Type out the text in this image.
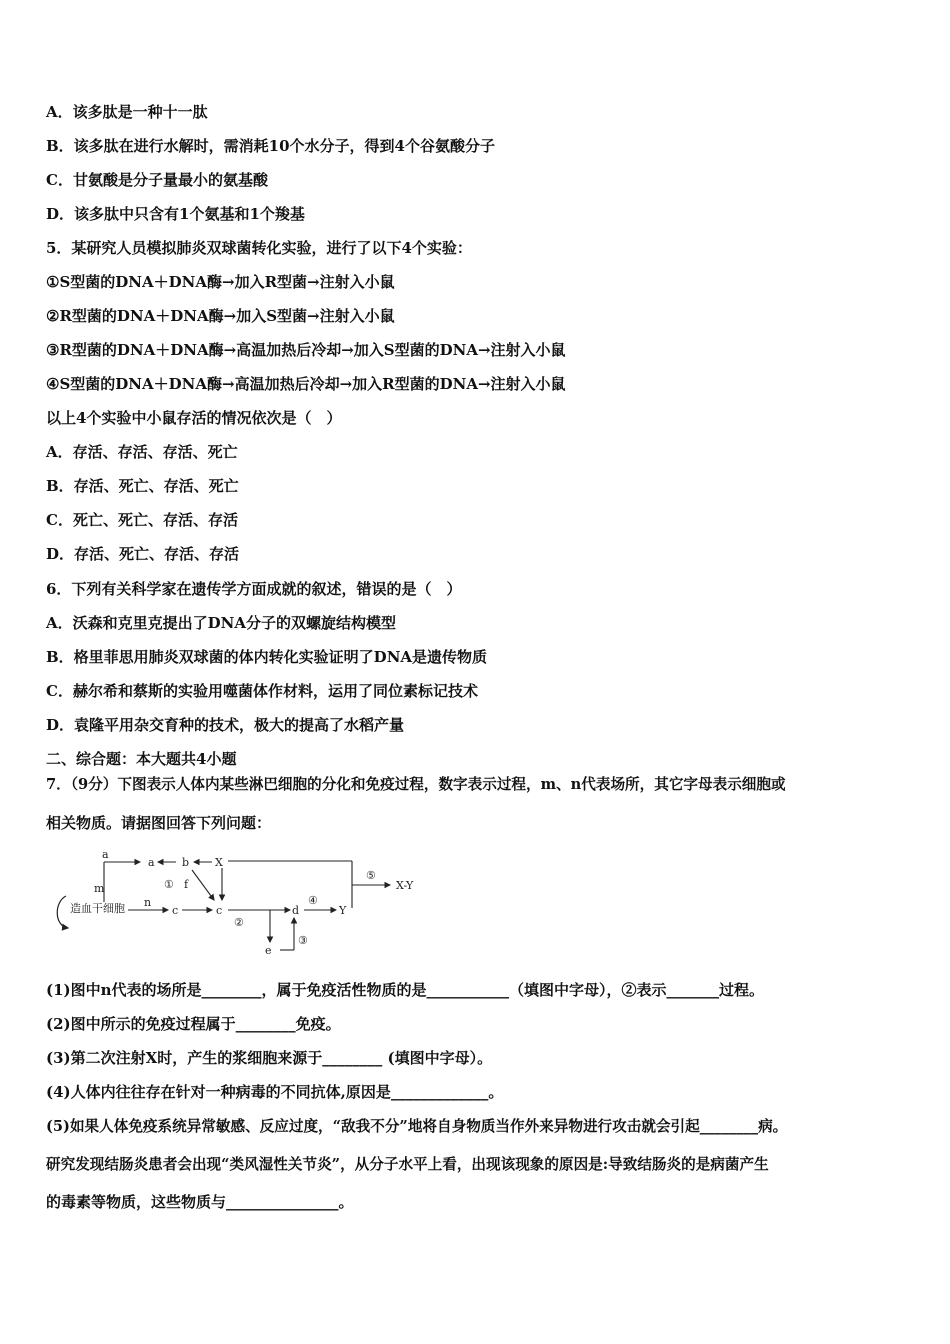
A．该多肽是一种十一肽
B．该多肽在进行水解时，需消耗10个水分子，得到4个谷氨酸分子
C．甘氨酸是分子量最小的氨基酸
D．该多肽中只含有1个氨基和1个羧基
5．某研究人员模拟肺炎双球菌转化实验，进行了以下4个实验：
①S型菌的DNA＋DNA酶→加入R型菌→注射入小鼠
②R型菌的DNA＋DNA酶→加入S型菌→注射入小鼠
③R型菌的DNA＋DNA酶→高温加热后冷却→加入S型菌的DNA→注射入小鼠
④S型菌的DNA＋DNA酶→高温加热后冷却→加入R型菌的DNA→注射入小鼠
以上4个实验中小鼠存活的情况依次是（　）
A．存活、存活、存活、死亡
B．存活、死亡、存活、死亡
C．死亡、死亡、存活、存活
D．存活、死亡、存活、存活
6．下列有关科学家在遗传学方面成就的叙述，错误的是（　）
A．沃森和克里克提出了DNA分子的双螺旋结构模型
B．格里菲思用肺炎双球菌的体内转化实验证明了DNA是遗传物质
C．赫尔希和蔡斯的实验用噬菌体作材料，运用了同位素标记技术
D．袁隆平用杂交育种的技术，极大的提高了水稻产量
二、综合题：本大题共4小题
7．（9分）下图表示人体内某些淋巴细胞的分化和免疫过程，数字表示过程，m、n代表场所，其它字母表示细胞或
相关物质。请据图回答下列问题：
造血干细胞
m
a
a b X
⑤
X-Y
n
c
① f
c
②
d
④
Y
e
③
(1)图中n代表的场所是________，属于免疫活性物质的是___________（填图中字母），②表示_______过程。
(2)图中所示的免疫过程属于________免疫。
(3)第二次注射X时，产生的浆细胞来源于________ (填图中字母）。
(4)人体内往往存在针对一种病毒的不同抗体,原因是_____________。
(5)如果人体免疫系统异常敏感、反应过度，“敌我不分”地将自身物质当作外来异物进行攻击就会引起________病。
研究发现结肠炎患者会出现“类风湿性关节炎”，从分子水平上看，出现该现象的原因是:导致结肠炎的是病菌产生
的毒素等物质，这些物质与_______________。
